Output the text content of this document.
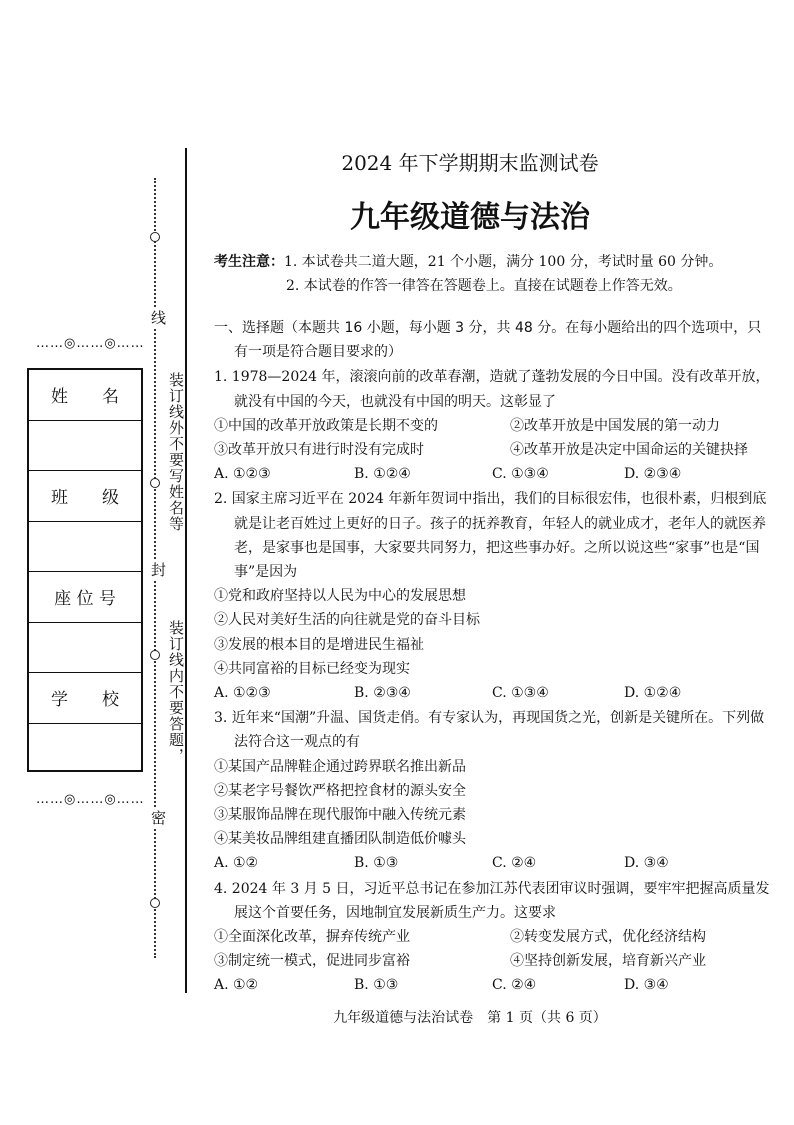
线
封
密
装订线外不要写姓名等
装订线内不要答题，
……◎……◎……
……◎……◎……
姓　　名
班　　级
座 位 号
学　　校
2024 年下学期期末监测试卷
九年级道德与法治
考生注意：1. 本试卷共二道大题，21 个小题，满分 100 分，考试时量 60 分钟。
2. 本试卷的作答一律答在答题卷上。直接在试题卷上作答无效。
一、选择题（本题共 16 小题，每小题 3 分，共 48 分。在每小题给出的四个选项中，只
有一项是符合题目要求的）
1. 1978—2024 年，滚滚向前的改革春潮，造就了蓬勃发展的今日中国。没有改革开放，就没有中国的今天，也就没有中国的明天。这彰显了
①中国的改革开放政策是长期不变的	②改革开放是中国发展的第一动力
③改革开放只有进行时没有完成时	④改革开放是决定中国命运的关键抉择
A. ①②③	B. ①②④	C. ①③④	D. ②③④
2. 国家主席习近平在 2024 年新年贺词中指出，我们的目标很宏伟，也很朴素，归根到底就是让老百姓过上更好的日子。孩子的抚养教育，年轻人的就业成才，老年人的就医养老，是家事也是国事，大家要共同努力，把这些事办好。之所以说这些“家事”也是“国事”是因为
①党和政府坚持以人民为中心的发展思想
②人民对美好生活的向往就是党的奋斗目标
③发展的根本目的是增进民生福祉
④共同富裕的目标已经变为现实
A. ①②③	B. ②③④	C. ①③④	D. ①②④
3. 近年来“国潮”升温、国货走俏。有专家认为，再现国货之光，创新是关键所在。下列做法符合这一观点的有
①某国产品牌鞋企通过跨界联名推出新品
②某老字号餐饮严格把控食材的源头安全
③某服饰品牌在现代服饰中融入传统元素
④某美妆品牌组建直播团队制造低价噱头
A. ①②	B. ①③	C. ②④	D. ③④
4. 2024 年 3 月 5 日，习近平总书记在参加江苏代表团审议时强调，要牢牢把握高质量发展这个首要任务，因地制宜发展新质生产力。这要求
①全面深化改革，摒弃传统产业	②转变发展方式，优化经济结构
③制定统一模式，促进同步富裕	④坚持创新发展，培育新兴产业
A. ①②	B. ①③	C. ②④	D. ③④
九年级道德与法治试卷　第 1 页（共 6 页）
